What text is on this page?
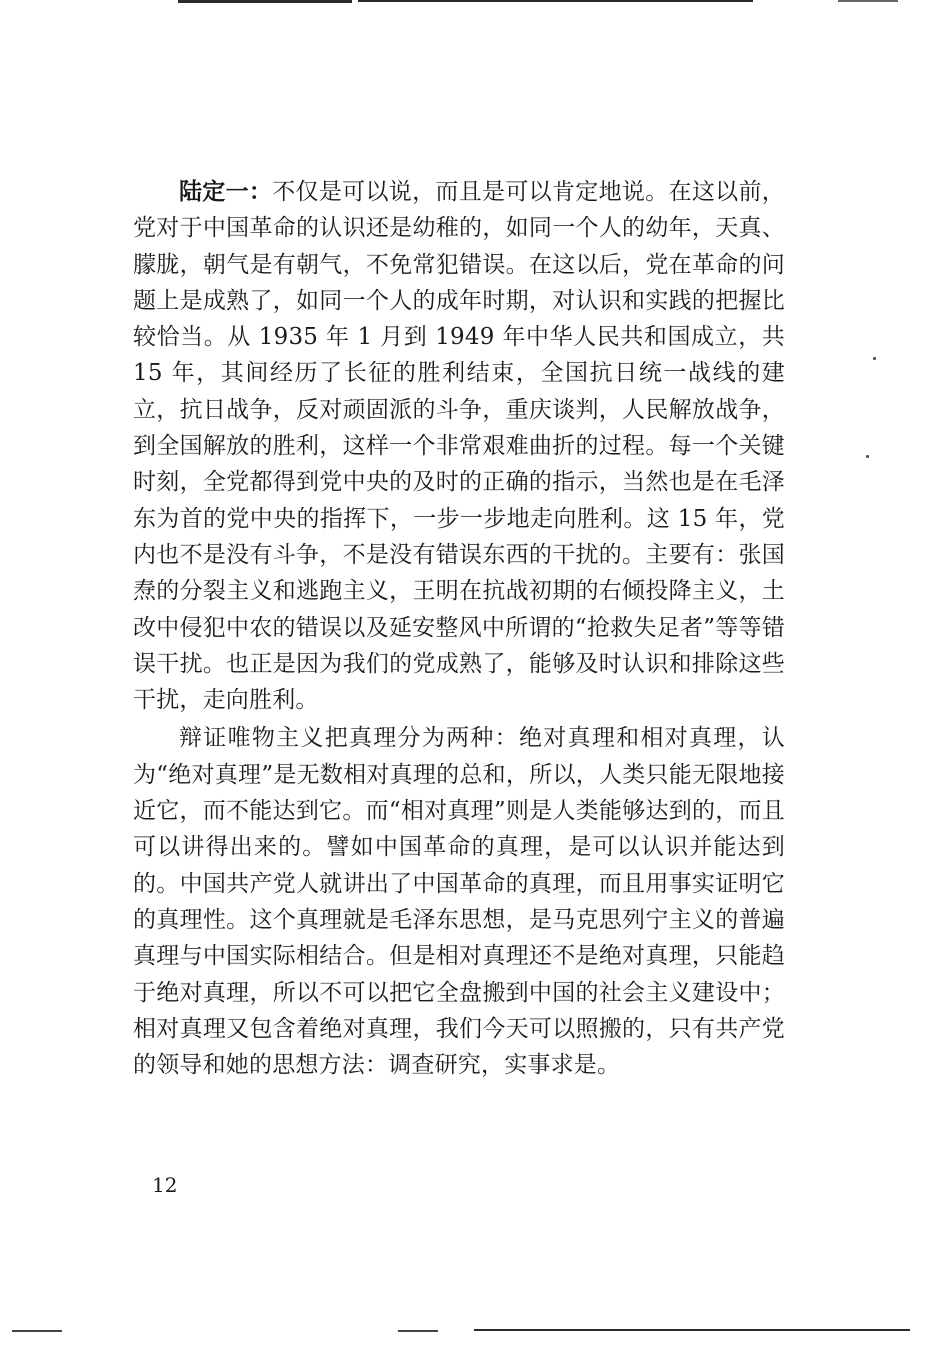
陆定一：不仅是可以说，而且是可以肯定地说。在这以前，党对于中国革命的认识还是幼稚的，如同一个人的幼年，天真、朦胧，朝气是有朝气，不免常犯错误。在这以后，党在革命的问题上是成熟了，如同一个人的成年时期，对认识和实践的把握比较恰当。从 1935 年 1 月到 1949 年中华人民共和国成立，共 15 年，其间经历了长征的胜利结束，全国抗日统一战线的建立，抗日战争，反对顽固派的斗争，重庆谈判，人民解放战争，到全国解放的胜利，这样一个非常艰难曲折的过程。每一个关键时刻，全党都得到党中央的及时的正确的指示，当然也是在毛泽东为首的党中央的指挥下，一步一步地走向胜利。这 15 年，党内也不是没有斗争，不是没有错误东西的干扰的。主要有：张国焘的分裂主义和逃跑主义，王明在抗战初期的右倾投降主义，土改中侵犯中农的错误以及延安整风中所谓的“抢救失足者”等等错误干扰。也正是因为我们的党成熟了，能够及时认识和排除这些干扰，走向胜利。

辩证唯物主义把真理分为两种：绝对真理和相对真理，认为“绝对真理”是无数相对真理的总和，所以，人类只能无限地接近它，而不能达到它。而“相对真理”则是人类能够达到的，而且可以讲得出来的。譬如中国革命的真理，是可以认识并能达到的。中国共产党人就讲出了中国革命的真理，而且用事实证明它的真理性。这个真理就是毛泽东思想，是马克思列宁主义的普遍真理与中国实际相结合。但是相对真理还不是绝对真理，只能趋于绝对真理，所以不可以把它全盘搬到中国的社会主义建设中；相对真理又包含着绝对真理，我们今天可以照搬的，只有共产党的领导和她的思想方法：调查研究，实事求是。

12
